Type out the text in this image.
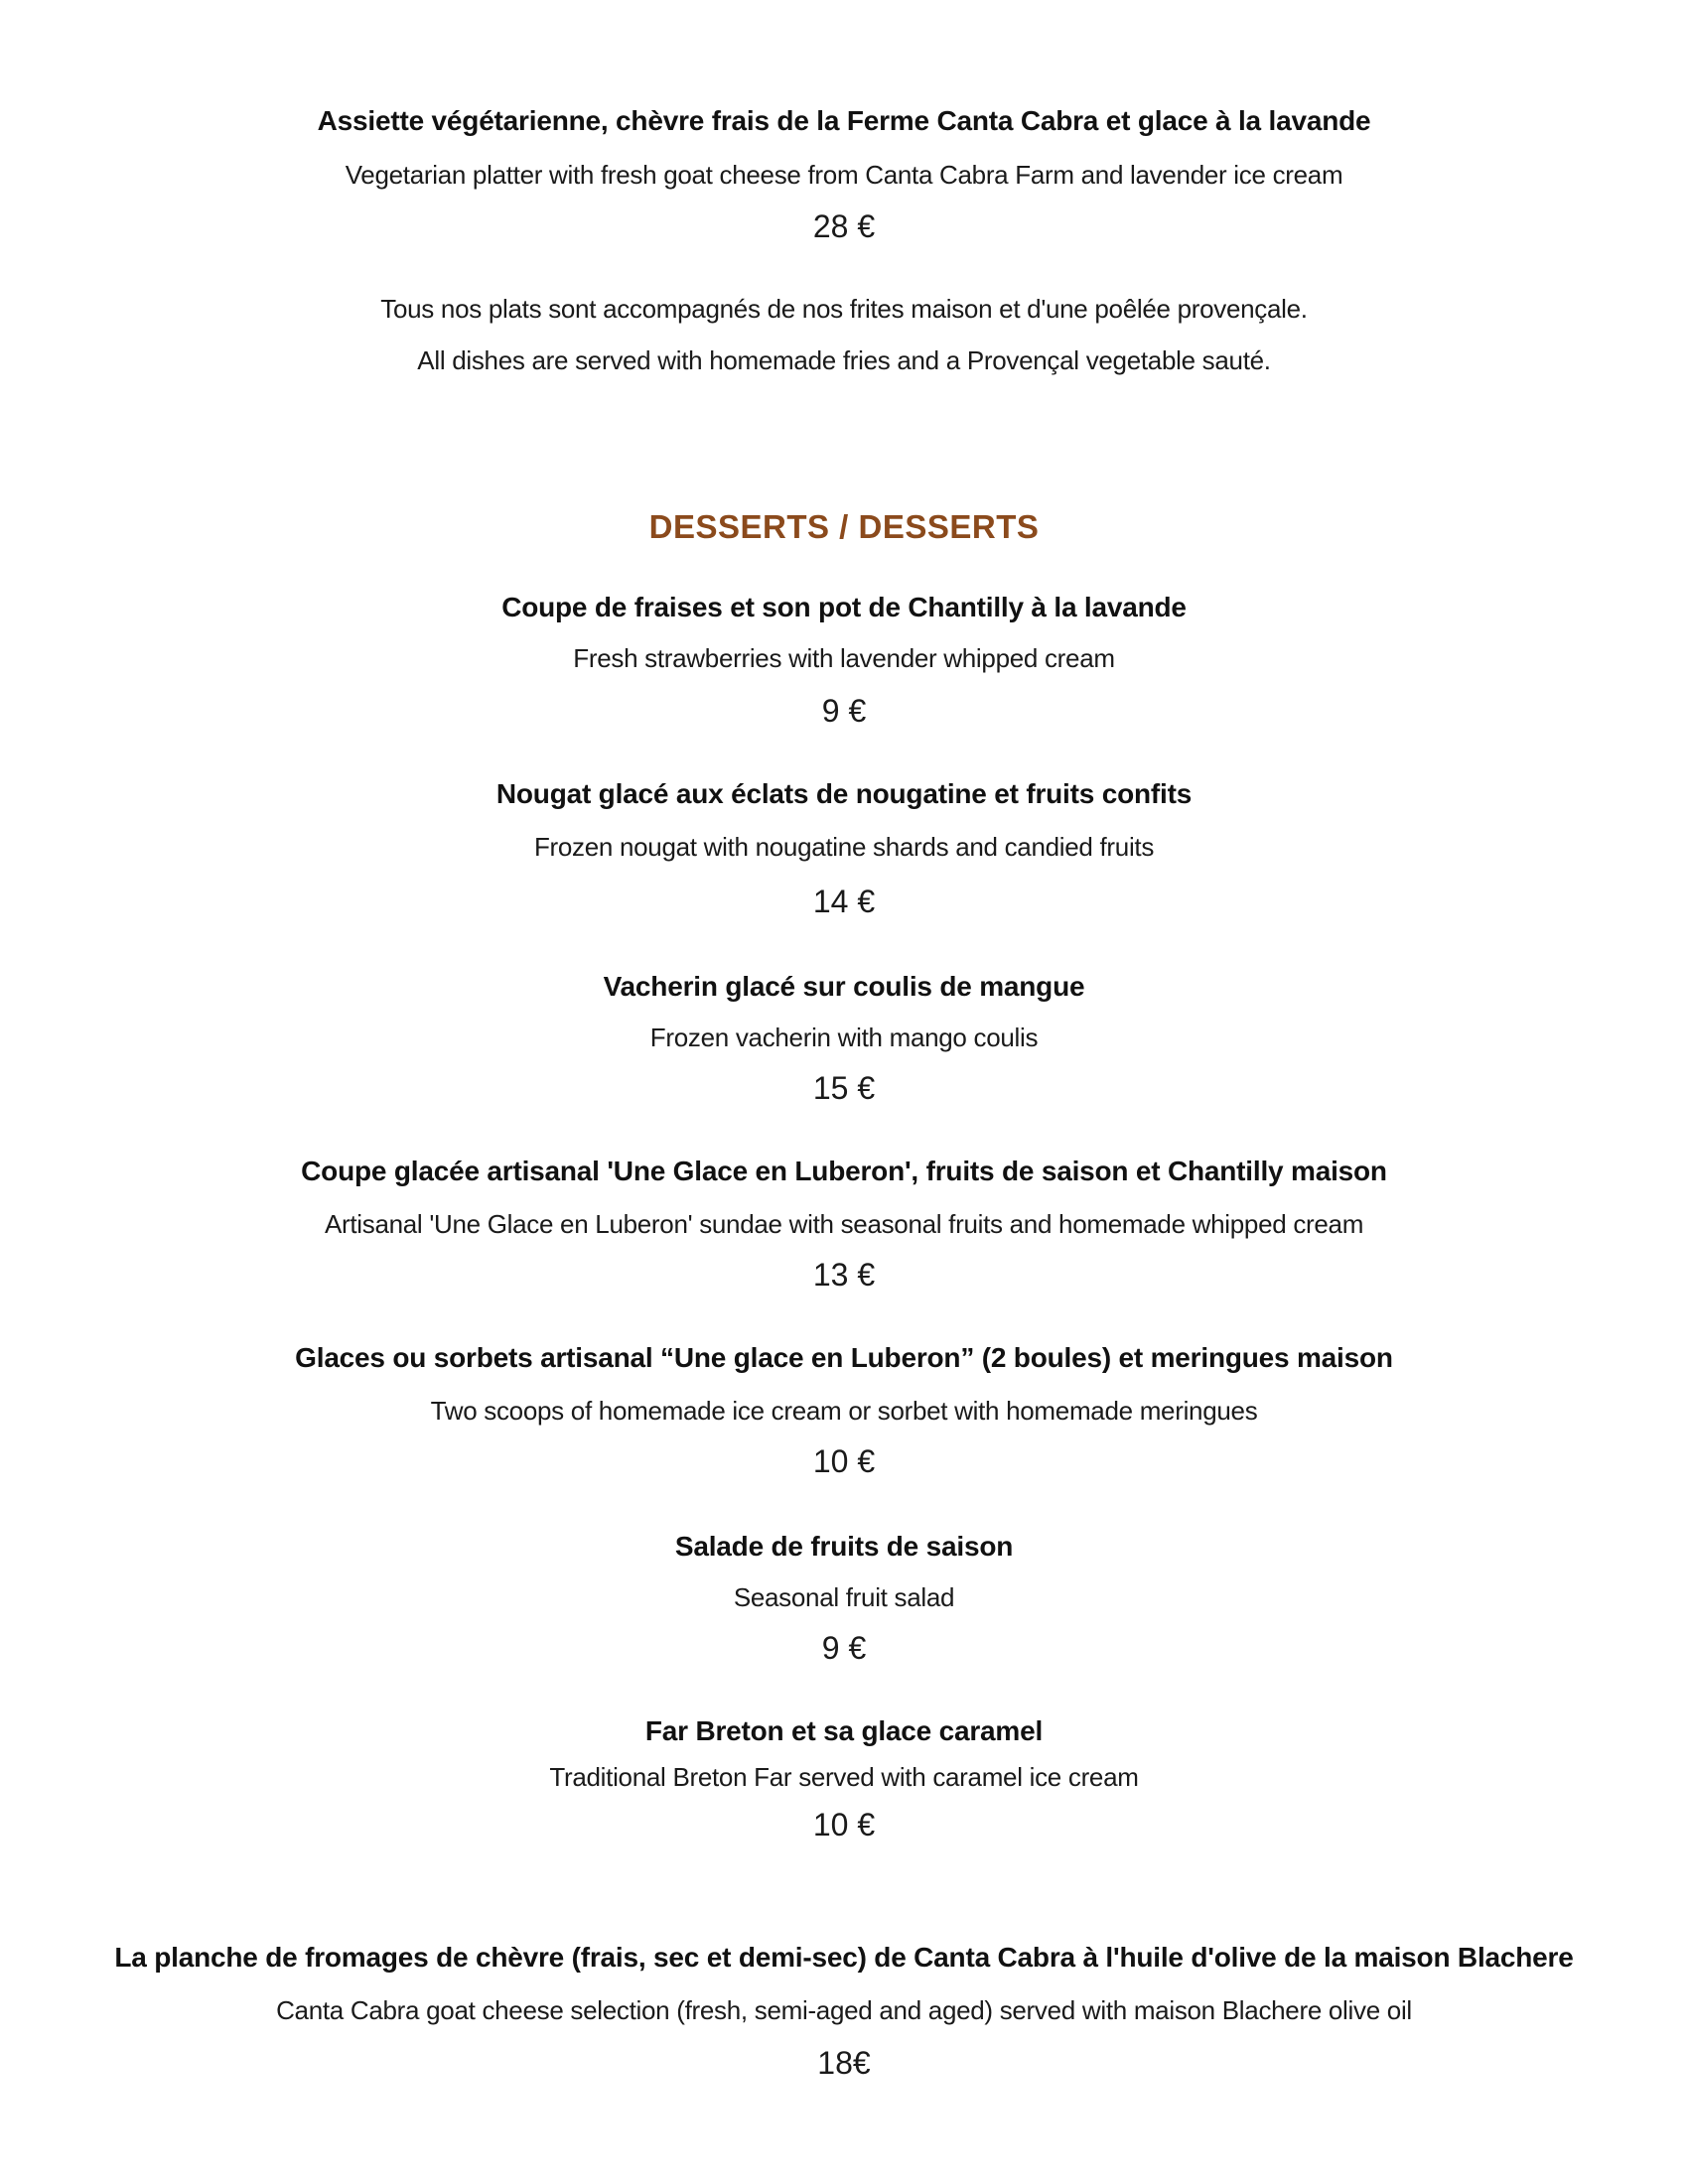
Assiette végétarienne, chèvre frais de la Ferme Canta Cabra et glace à la lavande
Vegetarian platter with fresh goat cheese from Canta Cabra Farm and lavender ice cream
28 €
Tous nos plats sont accompagnés de nos frites maison et d'une poêlée provençale.
All dishes are served with homemade fries and a Provençal vegetable sauté.
DESSERTS / DESSERTS
Coupe de fraises et son pot de Chantilly à la lavande
Fresh strawberries with lavender whipped cream
9 €
Nougat glacé aux éclats de nougatine et fruits confits
Frozen nougat with nougatine shards and candied fruits
14 €
Vacherin glacé sur coulis de mangue
Frozen vacherin with mango coulis
15 €
Coupe glacée artisanal 'Une Glace en Luberon', fruits de saison et Chantilly maison
Artisanal 'Une Glace en Luberon' sundae with seasonal fruits and homemade whipped cream
13 €
Glaces ou sorbets artisanal “Une glace en Luberon” (2 boules) et meringues maison
Two scoops of homemade ice cream or sorbet with homemade meringues
10 €
Salade de fruits de saison
Seasonal fruit salad
9 €
Far Breton et sa glace caramel
Traditional Breton Far served with caramel ice cream
10 €
La planche de fromages de chèvre (frais, sec et demi-sec) de Canta Cabra à l'huile d'olive de la maison Blachere
Canta Cabra goat cheese selection (fresh, semi-aged and aged) served with maison Blachere olive oil
18€
